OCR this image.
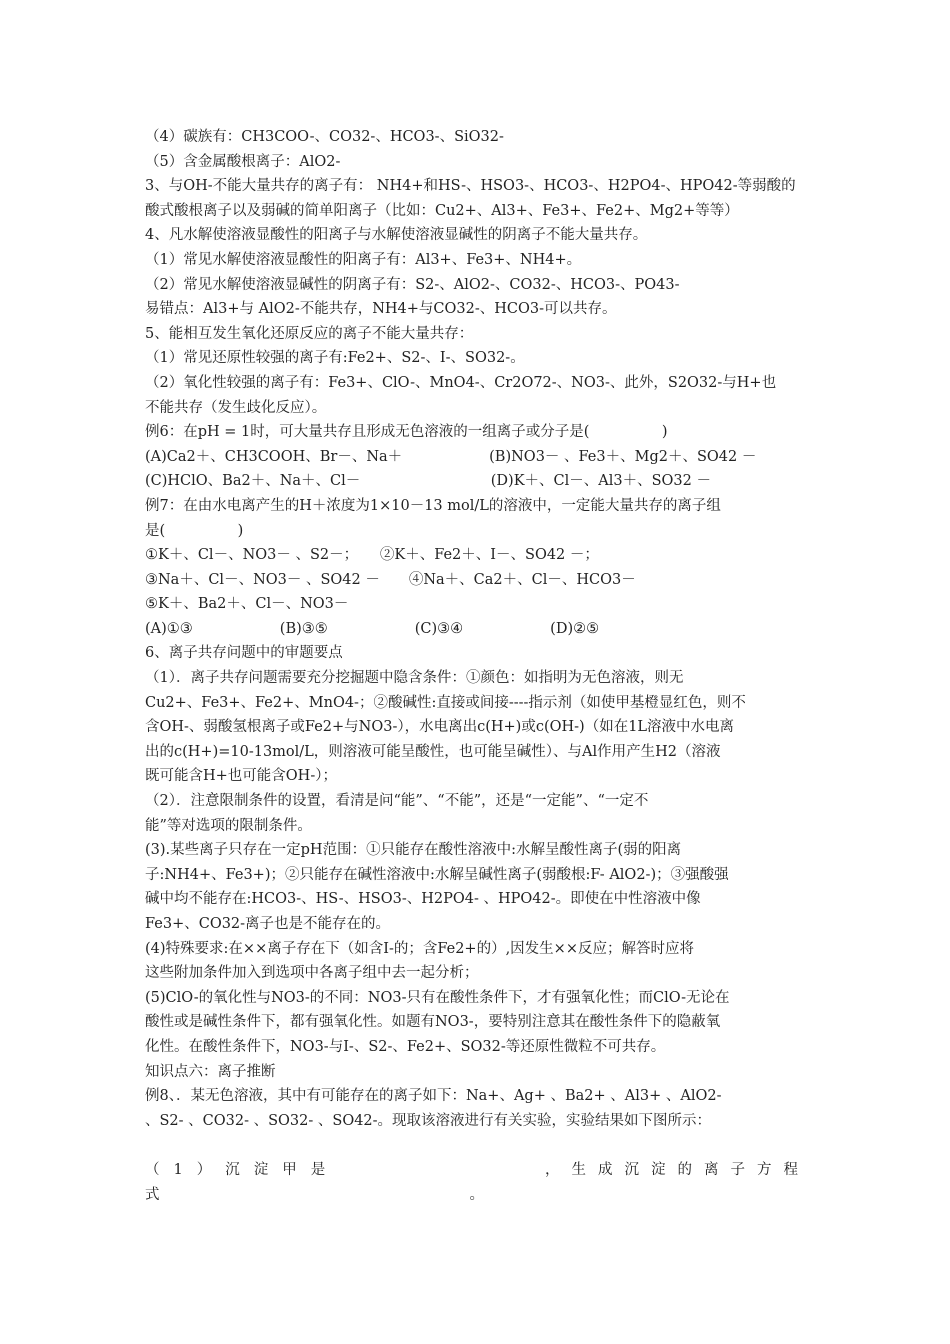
（4）碳族有：CH3COO-、CO32-、HCO3-、SiO32-
（5）含金属酸根离子：AlO2-
3、与OH-不能大量共存的离子有： NH4+和HS-、HSO3-、HCO3-、H2PO4-、HPO42-等弱酸的
酸式酸根离子以及弱碱的简单阳离子（比如：Cu2+、Al3+、Fe3+、Fe2+、Mg2+等等）
4、凡水解使溶液显酸性的阳离子与水解使溶液显碱性的阴离子不能大量共存。
（1）常见水解使溶液显酸性的阳离子有：Al3+、Fe3+、NH4+。
（2）常见水解使溶液显碱性的阴离子有：S2-、AlO2-、CO32-、HCO3-、PO43-
易错点：Al3+与 AlO2-不能共存，NH4+与CO32-、HCO3-可以共存。
5、能相互发生氧化还原反应的离子不能大量共存：
（1）常见还原性较强的离子有:Fe2+、S2-、I-、SO32-。
（2）氧化性较强的离子有：Fe3+、ClO-、MnO4-、Cr2O72-、NO3-、此外，S2O32-与H+也
不能共存（发生歧化反应）。
例6：在pH = 1时，可大量共存且形成无色溶液的一组离子或分子是(　　　　　)
(A)Ca2＋、CH3COOH、Br－、Na＋　　　　　　(B)NO3－ 、Fe3＋、Mg2＋、SO42 －
(C)HClO、Ba2＋、Na＋、Cl－　　　　　　　　　(D)K＋、Cl－、Al3＋、SO32 －
例7：在由水电离产生的H＋浓度为1×10－13 mol/L的溶液中，一定能大量共存的离子组
是(　　　　　)
①K＋、Cl－、NO3－ 、S2－；　　②K＋、Fe2＋、I－、SO42 －；
③Na＋、Cl－、NO3－ 、SO42 －　　④Na＋、Ca2＋、Cl－、HCO3－
⑤K＋、Ba2＋、Cl－、NO3－
(A)①③　　　　　　(B)③⑤　　　　　　(C)③④　　　　　　(D)②⑤
6、离子共存问题中的审题要点
（1）．离子共存问题需要充分挖掘题中隐含条件：①颜色：如指明为无色溶液，则无
Cu2+、Fe3+、Fe2+、MnO4-；②酸碱性:直接或间接----指示剂（如使甲基橙显红色，则不
含OH-、弱酸氢根离子或Fe2+与NO3-），水电离出c(H+)或c(OH-)（如在1L溶液中水电离
出的c(H+)=10-13mol/L，则溶液可能呈酸性，也可能呈碱性）、与Al作用产生H2（溶液
既可能含H+也可能含OH-）；
（2）．注意限制条件的设置，看清是问“能”、“不能”，还是“一定能”、“一定不
能”等对选项的限制条件。
(3).某些离子只存在一定pH范围：①只能存在酸性溶液中:水解呈酸性离子(弱的阳离
子:NH4+、Fe3+)；②只能存在碱性溶液中:水解呈碱性离子(弱酸根:F- AlO2-)；③强酸强
碱中均不能存在:HCO3-、HS-、HSO3-、H2PO4- 、HPO42-。即使在中性溶液中像
Fe3+、CO32-离子也是不能存在的。
(4)特殊要求:在××离子存在下（如含I-的；含Fe2+的）,因发生××反应；解答时应将
这些附加条件加入到选项中各离子组中去一起分析；
(5)ClO-的氧化性与NO3-的不同：NO3-只有在酸性条件下，才有强氧化性；而ClO-无论在
酸性或是碱性条件下，都有强氧化性。如题有NO3-，要特别注意其在酸性条件下的隐蔽氧
化性。在酸性条件下，NO3-与I-、S2-、Fe2+、SO32-等还原性微粒不可共存。
知识点六：离子推断
例8、．某无色溶液，其中有可能存在的离子如下：Na+、Ag+ 、Ba2+ 、Al3+ 、AlO2-
、S2- 、CO32- 、SO32- 、SO42-。现取该溶液进行有关实验，实验结果如下图所示：
（1）沉淀甲是	，生成沉淀的离子方程
式	。
